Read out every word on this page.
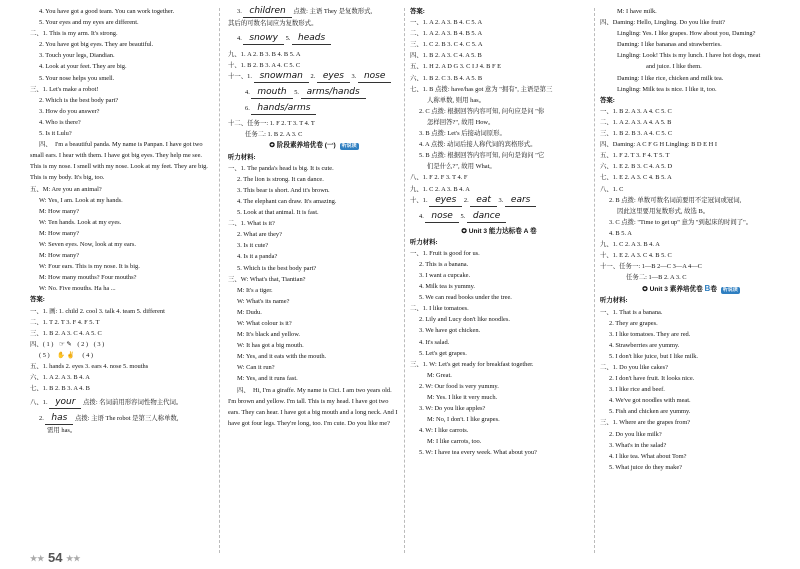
4. You have got a good team. You can work together.
5. Your eyes and my eyes are different.
二、1. This is my arm. It's strong.
2. You have got big eyes. They are beautiful.
3. Touch your legs, Diandian.
4. Look at your feet. They are big.
5. Your nose helps you smell.
三、1. Let's make a robot!
2. Which is the best body part?
3. How do you answer?
4. Who is there?
5. Is it Lulu?
四、　I'm a beautiful panda. My name is Panpan. I have got two small ears. I hear with them. I have got big eyes. They help me see. This is my nose. I smell with my nose. Look at my feet. They are big. This is my body. It's big, too.
五、M: Are you an animal?
W: Yes, I am. Look at my hands.
M: How many?
W: Ten hands. Look at my eyes.
M: How many?
W: Seven eyes. Now, look at my ears.
M: How many?
W: Four ears. This is my nose. It is big.
M: How many mouths? Four mouths?
W: No. Five mouths. Ha ha ...
答案:
一、1. 画: 1. child 2. cool 3. talk 4. team 5. different
二、1. T 2. T 3. F 4. F 5. T
三、1. B 2. A 3. C 4. A 5. C
四、( 1 ) ☞ ✎ ( 2 ) ( 3 )
( 5 ) ✋ ✌ ( 4 )
五、1. hands 2. eyes 3. ears 4. nose 5. mouths
六、1. A 2. A 3. B 4. A
七、1. B 2. B 3. A 4. B
八、1. your 点拨: 名词前用形容词性物主代词。
2. has 点拨: 主语 The robot 是第三人称单数,
需用 has。
3. children 点拨: 主语 They 是复数形式,
其后的可数名词应为复数形式。
4. snowy 5. heads
九、1. A 2. B 3. B 4. B 5. A
十、1. B 2. B 3. A 4. C 5. C
十一、1. snowman 2. eyes 3. nose
4. mouth 5. arms/hands
6. hands/arms
十二、任务一: 1. F 2. T 3. T 4. T
任务二: 1. B 2. A 3. C
✪ 阶段素养培优卷 (一) 听说读
听力材料:
一、1. The panda's head is big. It is cute.
2. The lion is strong. It can dance.
3. This bear is short. And it's brown.
4. The elephant can draw. It's amazing.
5. Look at that animal. It is fast.
二、1. What is it?
2. What are they?
3. Is it cute?
4. Is it a panda?
5. Which is the best body part?
三、W: What's that, Tiantian?
M: It's a tiger.
W: What's its name?
M: Dudu.
W: What colour is it?
M: It's black and yellow.
W: It has got a big mouth.
M: Yes, and it eats with the mouth.
W: Can it run?
M: Yes, and it runs fast.
四、　Hi, I'm a giraffe. My name is Cici. I am two years old. I'm brown and yellow. I'm tall. This is my head. I have got two ears. They can hear. I have got a big mouth and a long neck. And I have got four legs. They're long, too. I'm cute. Do you like me?
答案:
一、1. A 2. A 3. B 4. C 5. A
二、1. A 2. A 3. B 4. B 5. A
三、1. C 2. B 3. C 4. C 5. A
四、1. B 2. A 3. C 4. A 5. B
五、1. H 2. A D G 3. C I J 4. B F E
六、1. B 2. C 3. B 4. A 5. B
七、1. B 点拨: have/has got 意为 "拥有", 主语是第三
人称单数, 则用 has。
2. C 点拨: 根据回答内容可知, 问句应是问 "你
怎样回答?", 故用 How。
3. B 点拨: Let's 后接动词原形。
4. A 点拨: 动词后接人称代词的宾格形式。
5. B 点拨: 根据回答内容可知, 问句是询问 "它
们是什么?", 故用 What。
八、1. F 2. F 3. T 4. F
九、1. C 2. A 3. B 4. A
十、1. eyes 2. eat 3. ears
4. nose 5. dance
✪ Unit 3 能力达标卷 A 卷
听力材料:
一、1. Fruit is good for us.
2. This is a banana.
3. I want a cupcake.
4. Milk tea is yummy.
5. We can read books under the tree.
二、1. I like tomatoes.
2. Lily and Lucy don't like noodles.
3. We have got chicken.
4. It's salad.
5. Let's get grapes.
三、1. W: Let's get ready for breakfast together.
M: Great.
2. W: Our food is very yummy.
M: Yes. I like it very much.
3. W: Do you like apples?
M: No, I don't. I like grapes.
4. W: I like carrots.
M: I like carrots, too.
5. W: I have tea every week. What about you?
M: I have milk.
四、Daming: Hello, Lingling. Do you like fruit?
Lingling: Yes. I like grapes. How about you, Daming?
Daming: I like bananas and strawberries.
Lingling: Look! This is my lunch. I have hot dogs, meat
and juice. I like them.
Daming: I like rice, chicken and milk tea.
Lingling: Milk tea is nice. I like it, too.
答案:
一、1. B 2. A 3. A 4. C 5. C
二、1. A 2. A 3. A 4. A 5. B
三、1. B 2. B 3. A 4. C 5. C
四、Daming: A C F G H Lingling: B D E H I
五、1. F 2. T 3. F 4. T 5. T
六、1. E 2. B 3. C 4. A 5. D
七、1. E 2. A 3. C 4. B 5. A
八、1. C
2. B 点拨: 单数可数名词前要用不定冠词或冠词,
因此这里要用复数形式, 故选 B。
3. C 点拨: "Time to get up" 意为 "到起床的时间了"。
4. B 5. A
九、1. C 2. A 3. B 4. A
十、1. E 2. A 3. C 4. B 5. C
十一、任务一: 1—B 2—C 3—A 4—C
任务二: 1—B 2. A 3. C
✪ Unit 3 素养培优卷 B卷 听说读
听力材料:
一、1. That is a banana.
2. They are grapes.
3. I like tomatoes. They are red.
4. Strawberries are yummy.
5. I don't like juice, but I like milk.
二、1. Do you like cakes?
2. I don't have fruit. It looks nice.
3. I like rice and beef.
4. We've got noodles with meat.
5. Fish and chicken are yummy.
三、1. Where are the grapes from?
2. Do you like milk?
3. What's in the salad?
4. I like tea. What about Tom?
5. What juice do they make?
★★ 54 ★★
